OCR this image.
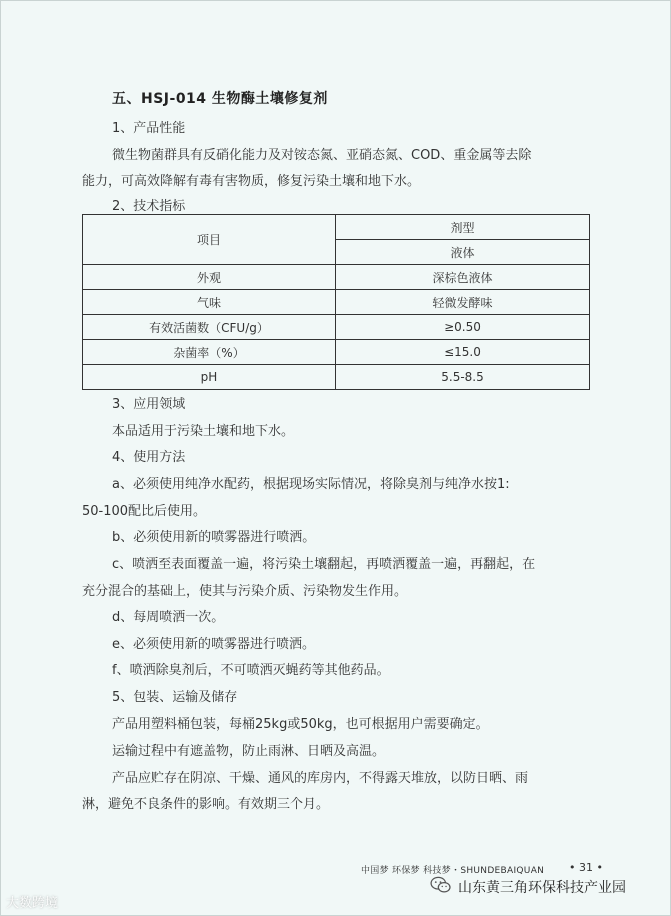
五、HSJ-014 生物酶土壤修复剂
1、产品性能
微生物菌群具有反硝化能力及对铵态氮、亚硝态氮、COD、重金属等去除
能力，可高效降解有毒有害物质，修复污染土壤和地下水。
2、技术指标
项目	剂型
	液体
外观	深棕色液体
气味	轻微发酵味
有效活菌数（CFU/g）	≥0.50
杂菌率（%）	≤15.0
pH	5.5-8.5
3、应用领域
本品适用于污染土壤和地下水。
4、使用方法
a、必须使用纯净水配药，根据现场实际情况，将除臭剂与纯净水按1:
50-100配比后使用。
b、必须使用新的喷雾器进行喷洒。
c、喷洒至表面覆盖一遍，将污染土壤翻起，再喷洒覆盖一遍，再翻起，在
充分混合的基础上，使其与污染介质、污染物发生作用。
d、每周喷洒一次。
e、必须使用新的喷雾器进行喷洒。
f、喷洒除臭剂后，不可喷洒灭蝇药等其他药品。
5、包装、运输及储存
产品用塑料桶包装，每桶25kg或50kg，也可根据用户需要确定。
运输过程中有遮盖物，防止雨淋、日晒及高温。
产品应贮存在阴凉、干燥、通风的库房内，不得露天堆放，以防日晒、雨
淋，避免不良条件的影响。有效期三个月。
中国梦 环保梦 科技梦・SHUNDEBAIQUAN • 31 •
大数跨境
山东黄三角环保科技产业园
